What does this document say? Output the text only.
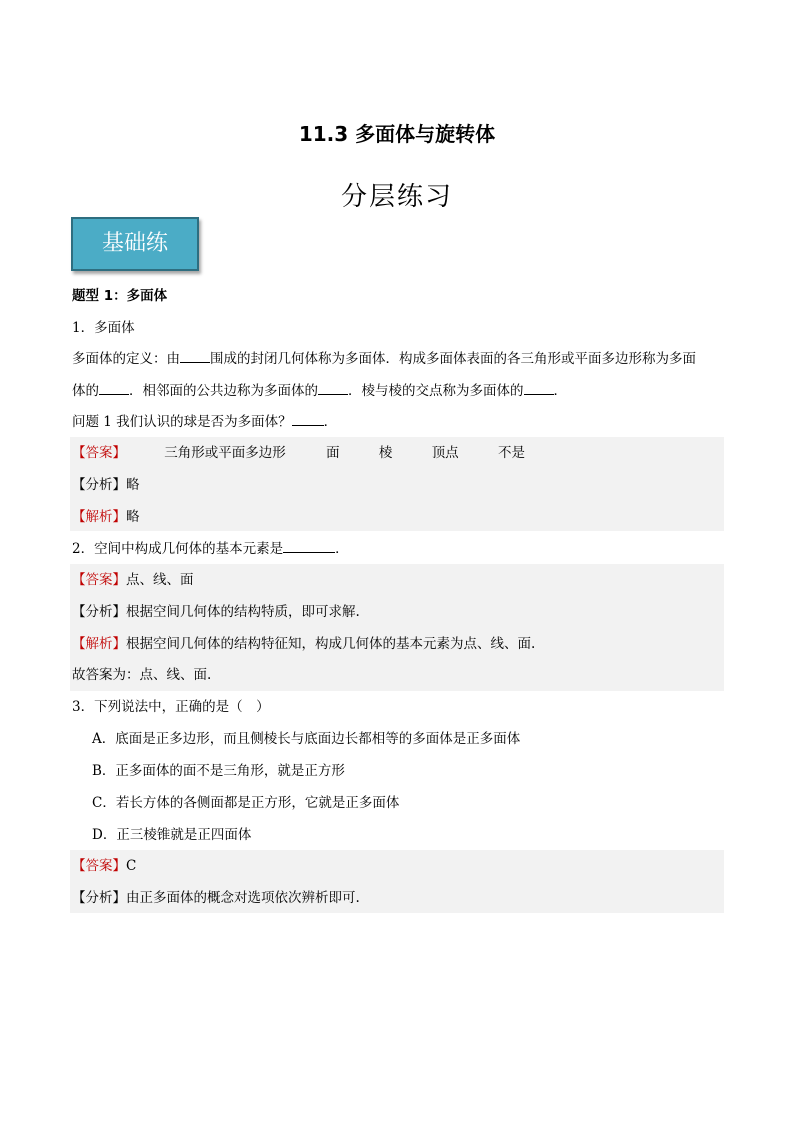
11.3 多面体与旋转体
分层练习
基础练
题型 1：多面体
1．多面体
多面体的定义：由 围成的封闭几何体称为多面体．构成多面体表面的各三角形或平面多边形称为多面
体的 ．相邻面的公共边称为多面体的 ．棱与棱的交点称为多面体的 ．
问题 1 我们认识的球是否为多面体？ ．
【答案】	三角形或平面多边形	面	棱	顶点	不是
【分析】略
【解析】略
2．空间中构成几何体的基本元素是	．
【答案】点、线、面
【分析】根据空间几何体的结构特质，即可求解.
【解析】根据空间几何体的结构特征知，构成几何体的基本元素为点、线、面.
故答案为：点、线、面.
3．下列说法中，正确的是（　）
A．底面是正多边形，而且侧棱长与底面边长都相等的多面体是正多面体
B．正多面体的面不是三角形，就是正方形
C．若长方体的各侧面都是正方形，它就是正多面体
D．正三棱锥就是正四面体
【答案】C
【分析】由正多面体的概念对选项依次辨析即可.
